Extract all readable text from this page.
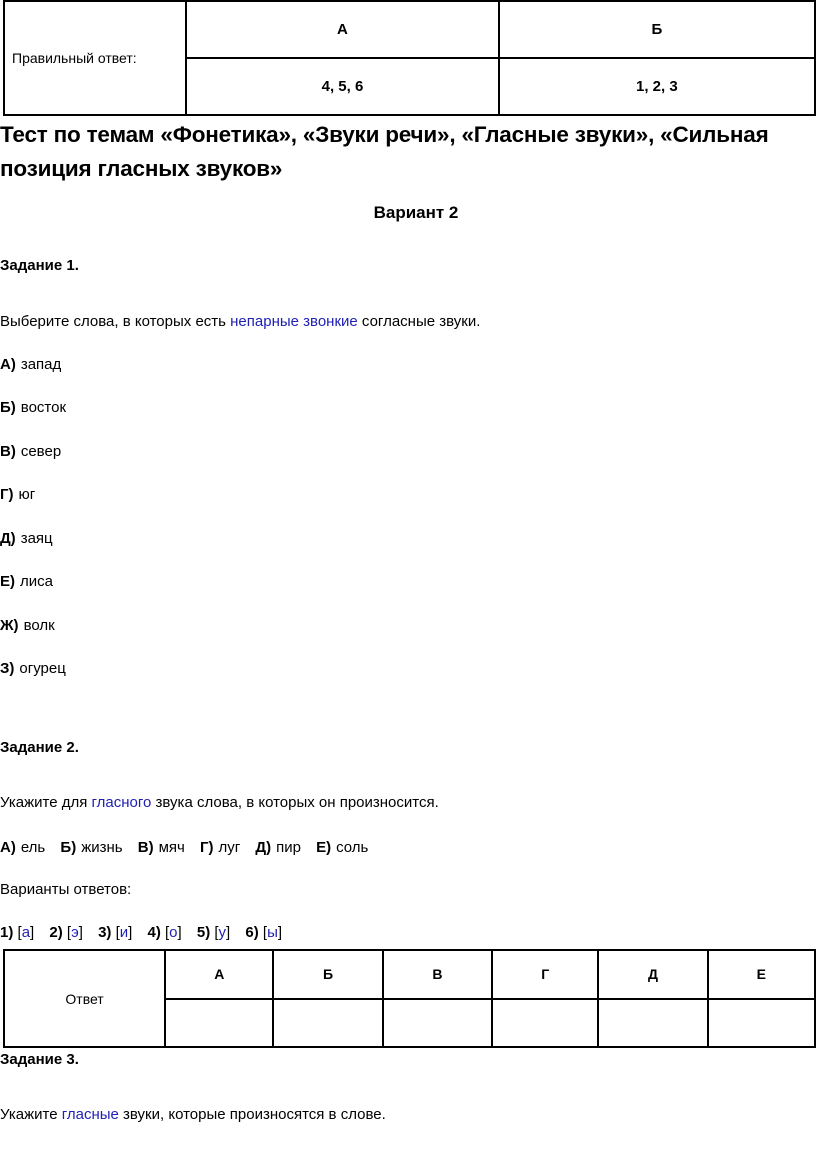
Правильный ответ:	А	Б
	4, 5, 6	1, 2, 3
Тест по темам «Фонетика», «Звуки речи», «Гласные звуки», «Сильная позиция гласных звуков»
Вариант 2
Задание 1.
Выберите слова, в которых есть непарные звонкие согласные звуки.
А) запад
Б) восток
В) север
Г) юг
Д) заяц
Е) лиса
Ж) волк
З) огурец
Задание 2.
Укажите для гласного звука слова, в которых он произносится.
А) ель Б) жизнь В) мяч Г) луг Д) пир Е) соль
Варианты ответов:
1) [а] 2) [э] 3) [и] 4) [о] 5) [у] 6) [ы]
Ответ	А	Б	В	Г	Д	Е

Задание 3.
Укажите гласные звуки, которые произносятся в слове.
